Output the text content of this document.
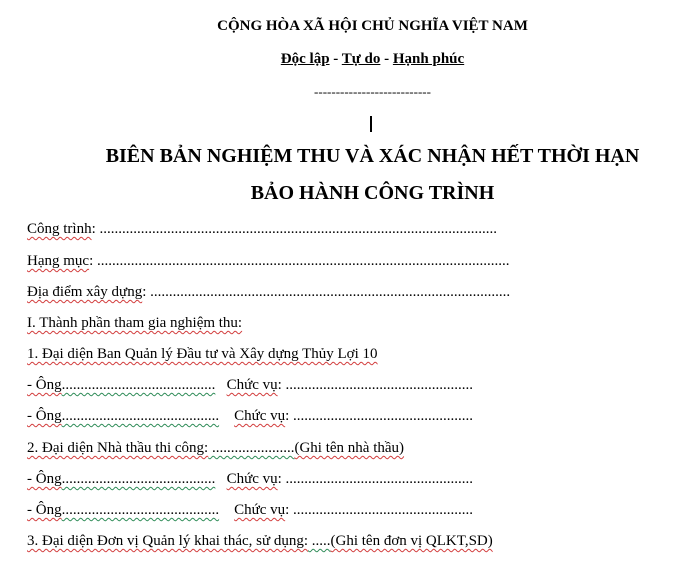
CỘNG HÒA XÃ HỘI CHỦ NGHĨA VIỆT NAM
Độc lập - Tự do - Hạnh phúc
---------------------------
BIÊN BẢN NGHIỆM THU VÀ XÁC NHẬN HẾT THỜI HẠN
BẢO HÀNH CÔNG TRÌNH
Công trình: ..........................................................................................................
Hạng mục: ..............................................................................................................
Địa điểm xây dựng: ................................................................................................
I. Thành phần tham gia nghiệm thu:
1. Đại diện Ban Quản lý Đầu tư và Xây dựng Thủy Lợi 10
- Ông......................................... Chức vụ: ..................................................
- Ông.......................................... Chức vụ: ................................................
2. Đại diện Nhà thầu thi công: ......................(Ghi tên nhà thầu)
- Ông......................................... Chức vụ: ..................................................
- Ông.......................................... Chức vụ: ................................................
3. Đại diện Đơn vị Quản lý khai thác, sử dụng: .....(Ghi tên đơn vị QLKT,SD)
